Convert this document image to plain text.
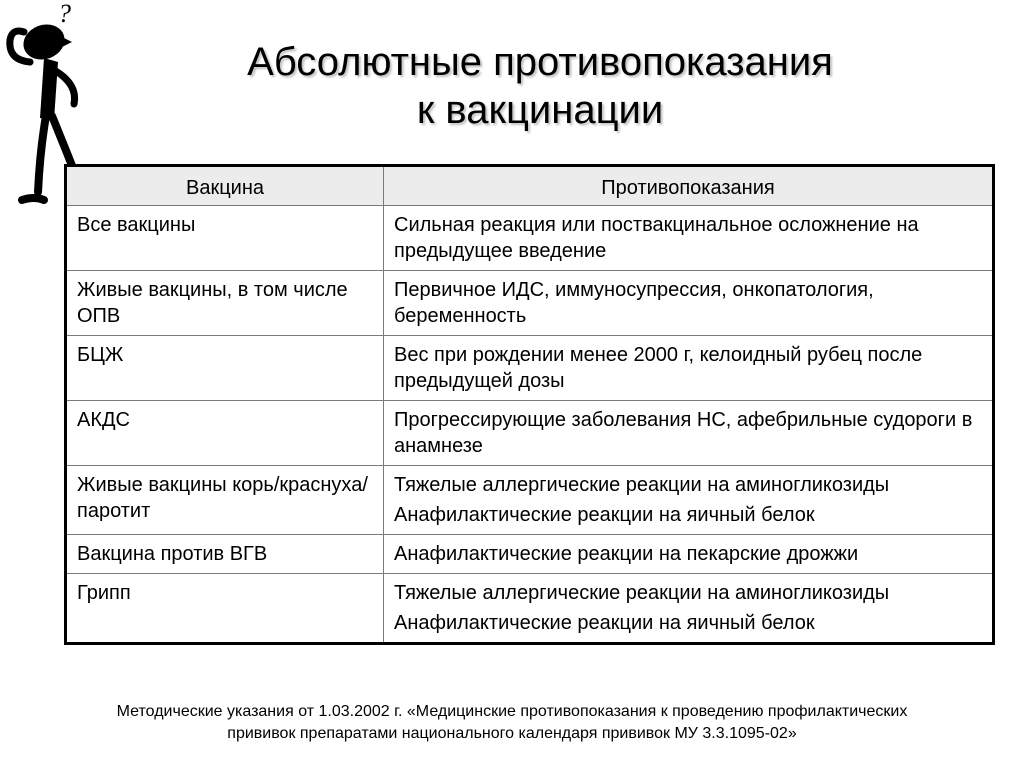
?
Абсолютные противопоказания
к вакцинации
Вакцина	Противопоказания
Все вакцины	Сильная реакция или поствакцинальное осложнение на предыдущее введение

Живые вакцины, в том числе ОПВ	Первичное ИДС, иммуносупрессия, онкопатология, беременность

БЦЖ	Вес при рождении менее 2000 г, келоидный рубец после предыдущей дозы

АКДС	Прогрессирующие заболевания НС, афебрильные судороги в анамнезе

Живые вакцины корь/краснуха/паротит	Тяжелые аллергические реакции на аминогликозиды
Анафилактические реакции на яичный белок

Вакцина против ВГВ	Анафилактические реакции на пекарские дрожжи

Грипп	Тяжелые аллергические реакции на аминогликозиды
Анафилактические реакции на яичный белок
Методические указания от 1.03.2002 г. «Медицинские противопоказания к проведению профилактических
прививок препаратами национального календаря прививок МУ 3.3.1095-02»
